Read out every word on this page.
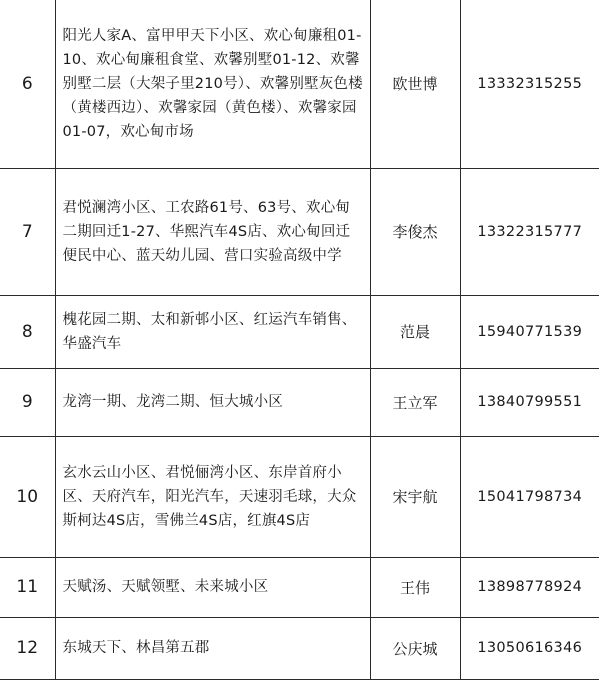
6	阳光人家A、富甲甲天下小区、欢心甸廉租01-10、欢心甸廉租食堂、欢馨别墅01-12、欢馨别墅二层（大架子里210号）、欢馨别墅灰色楼（黄楼西边）、欢馨家园（黄色楼）、欢馨家园01-07，欢心甸市场	欧世博	13332315255
7	君悦澜湾小区、工农路61号、63号、欢心甸二期回迁1-27、华熙汽车4S店、欢心甸回迁便民中心、蓝天幼儿园、营口实验高级中学	李俊杰	13322315777
8	槐花园二期、太和新邨小区、红运汽车销售、华盛汽车	范晨	15940771539
9	龙湾一期、龙湾二期、恒大城小区	王立军	13840799551
10	玄水云山小区、君悦俪湾小区、东岸首府小区、天府汽车，阳光汽车，天速羽毛球，大众斯柯达4S店，雪佛兰4S店，红旗4S店	宋宇航	15041798734
11	天赋汤、天赋领墅、未来城小区	王伟	13898778924
12	东城天下、林昌第五郡	公庆城	13050616346
